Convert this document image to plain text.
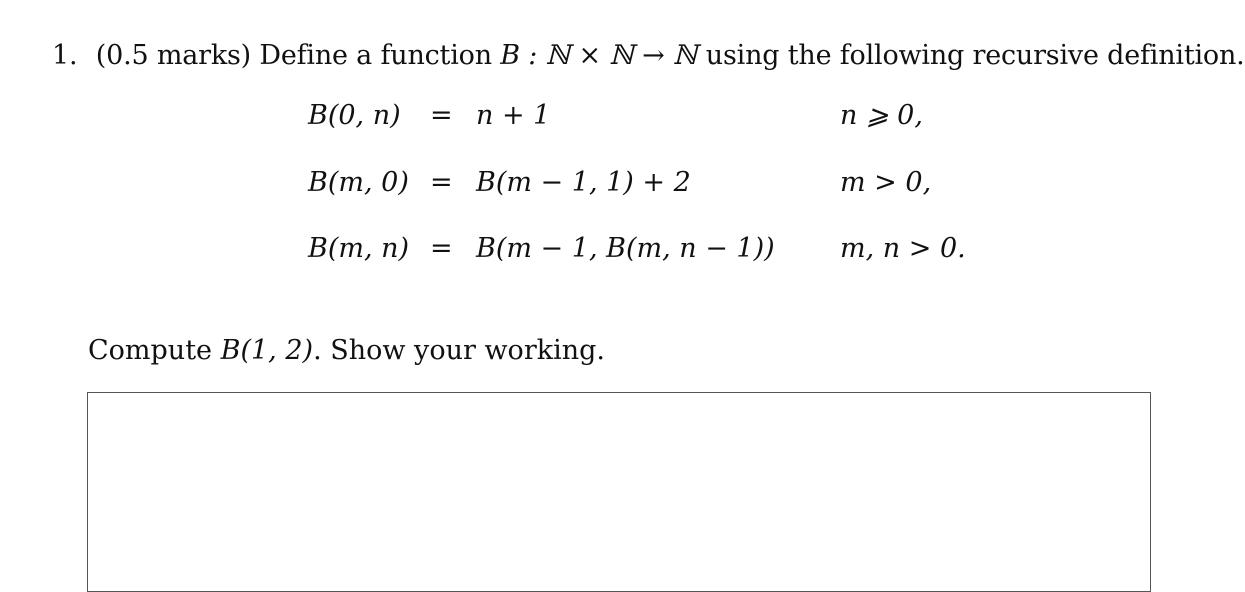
1. (0.5 marks) Define a function B : ℕ × ℕ → ℕ using the following recursive definition.
B(0, n) = n + 1	n ⩾ 0,
B(m, 0) = B(m − 1, 1) + 2	m > 0,
B(m, n) = B(m − 1, B(m, n − 1)) m, n > 0.
Compute B(1, 2). Show your working.
